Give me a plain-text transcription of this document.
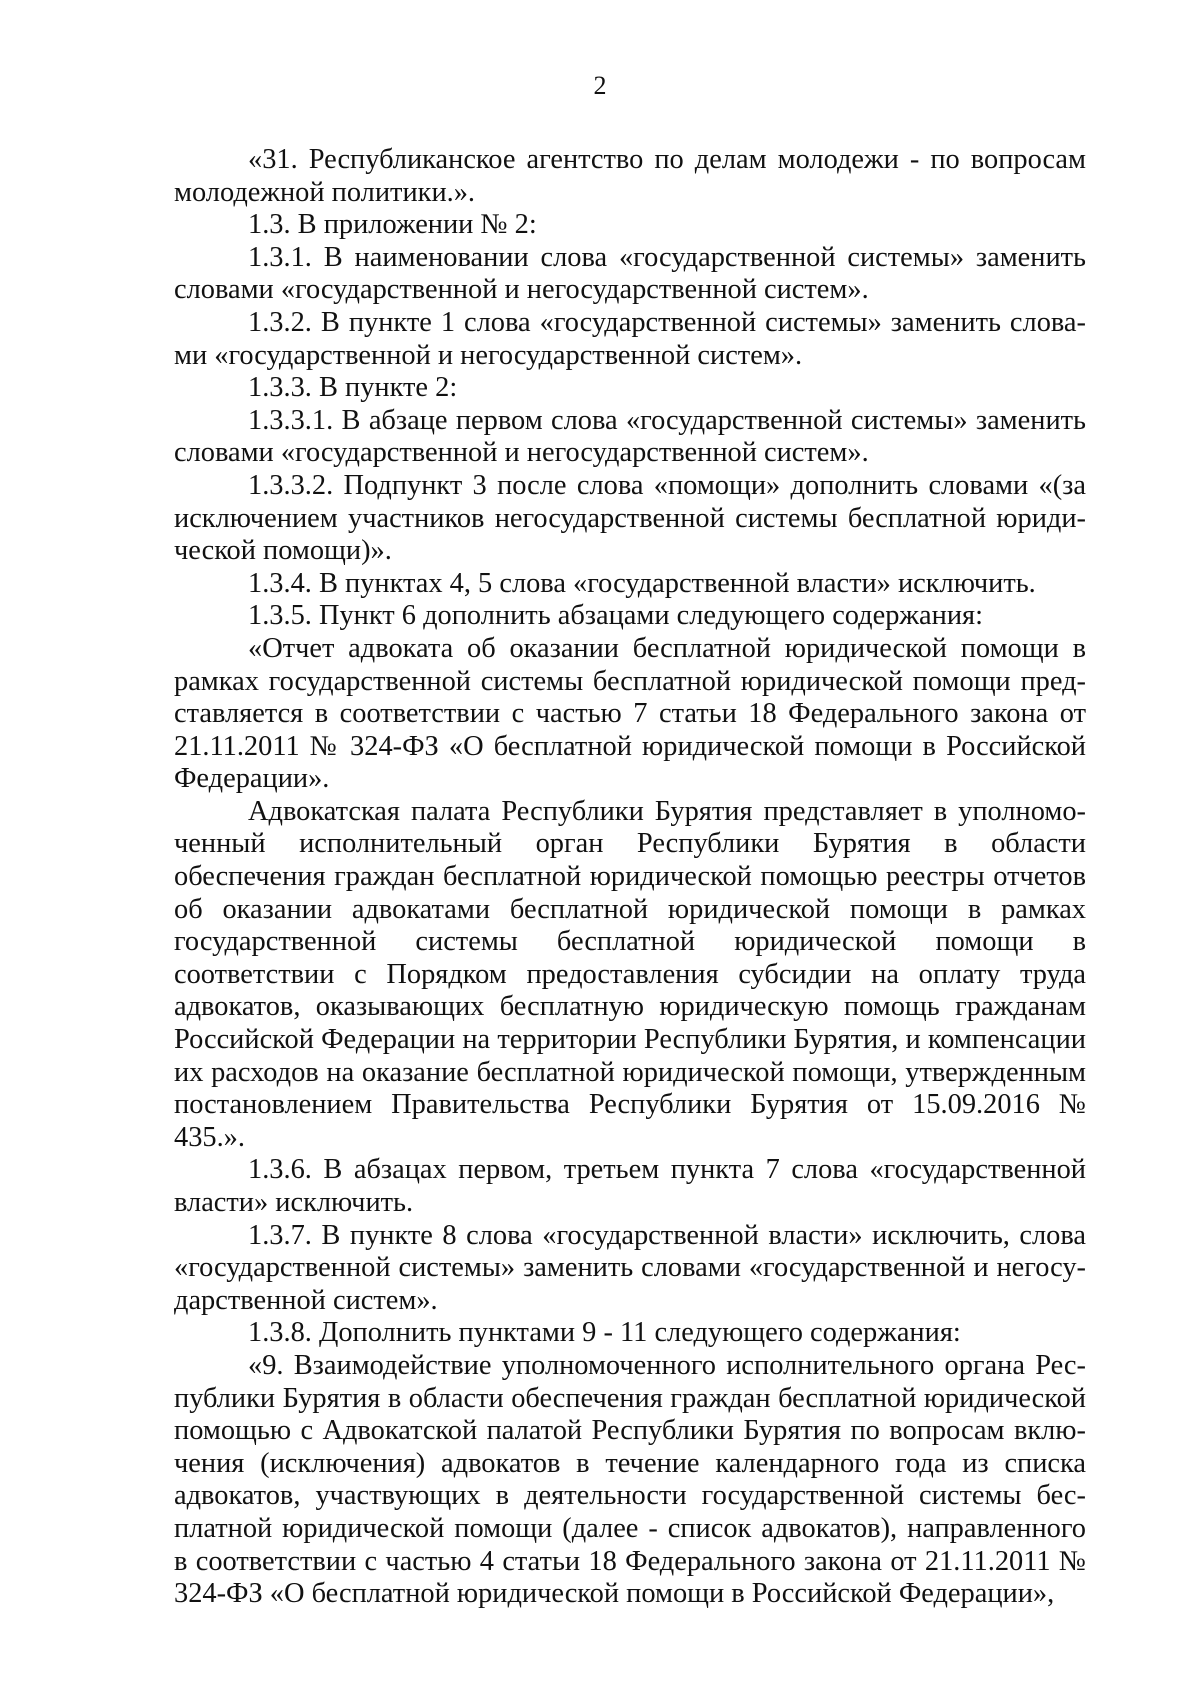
2

«31. Республиканское агентство по делам молодежи - по вопросам молодежной политики.».

1.3. В приложении № 2:

1.3.1. В наименовании слова «государственной системы» заменить словами «государственной и негосударственной систем».

1.3.2. В пункте 1 слова «государственной системы» заменить словами «государственной и негосударственной систем».

1.3.3. В пункте 2:

1.3.3.1. В абзаце первом слова «государственной системы» заменить словами «государственной и негосударственной систем».

1.3.3.2. Подпункт 3 после слова «помощи» дополнить словами «(за исключением участников негосударственной системы бесплатной юридической помощи)».

1.3.4. В пунктах 4, 5 слова «государственной власти» исключить.

1.3.5. Пункт 6 дополнить абзацами следующего содержания:

«Отчет адвоката об оказании бесплатной юридической помощи в рамках государственной системы бесплатной юридической помощи представляется в соответствии с частью 7 статьи 18 Федерального закона от 21.11.2011 № 324-ФЗ «О бесплатной юридической помощи в Российской Федерации».

Адвокатская палата Республики Бурятия представляет в уполномоченный исполнительный орган Республики Бурятия в области обеспечения граждан бесплатной юридической помощью реестры отчетов об оказании адвокатами бесплатной юридической помощи в рамках государственной системы бесплатной юридической помощи в соответствии с Порядком предоставления субсидии на оплату труда адвокатов, оказывающих бесплатную юридическую помощь гражданам Российской Федерации на территории Республики Бурятия, и компенсации их расходов на оказание бесплатной юридической помощи, утвержденным постановлением Правительства Республики Бурятия от 15.09.2016 № 435.».

1.3.6. В абзацах первом, третьем пункта 7 слова «государственной власти» исключить.

1.3.7. В пункте 8 слова «государственной власти» исключить, слова «государственной системы» заменить словами «государственной и негосударственной систем».

1.3.8. Дополнить пунктами 9 - 11 следующего содержания:

«9. Взаимодействие уполномоченного исполнительного органа Республики Бурятия в области обеспечения граждан бесплатной юридической помощью с Адвокатской палатой Республики Бурятия по вопросам включения (исключения) адвокатов в течение календарного года из списка адвокатов, участвующих в деятельности государственной системы бесплатной юридической помощи (далее - список адвокатов), направленного в соответствии с частью 4 статьи 18 Федерального закона от 21.11.2011 № 324-ФЗ «О бесплатной юридической помощи в Российской Федерации»,
